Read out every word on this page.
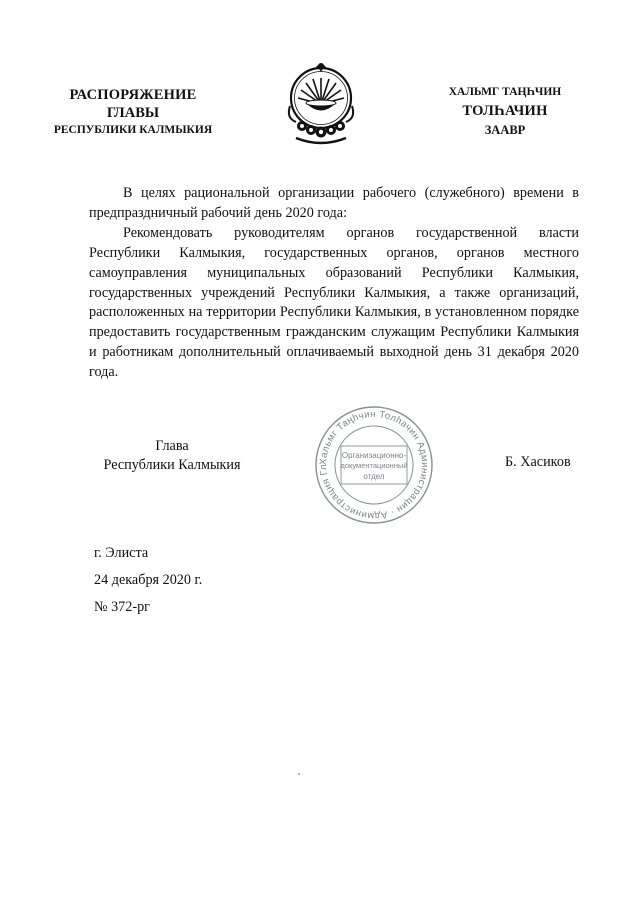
РАСПОРЯЖЕНИЕ
ГЛАВЫ
РЕСПУБЛИКИ КАЛМЫКИЯ
ХАЛЬМГ ТАҢҺЧИН
ТОЛҺАЧИН
ЗААВР

В целях рациональной организации рабочего (служебного) времени в предпраздничный рабочий день 2020 года:

Рекомендовать руководителям органов государственной власти Республики Калмыкия, государственных органов, органов местного самоуправления муниципальных образований Республики Калмыкия, государственных учреждений Республики Калмыкия, а также организаций, расположенных на территории Республики Калмыкия, в установленном порядке предоставить государственным гражданским служащим Республики Калмыкия и работникам дополнительный оплачиваемый выходной день 31 декабря 2020 года.

Глава
Республики Калмыкия	Хальмг Таңһчин Толһачин Администрацин · Администрация Гл
Организационно-
документационный
отдел
Б. Хасиков
г. Элиста
24 декабря 2020 г.
№ 372-рг
